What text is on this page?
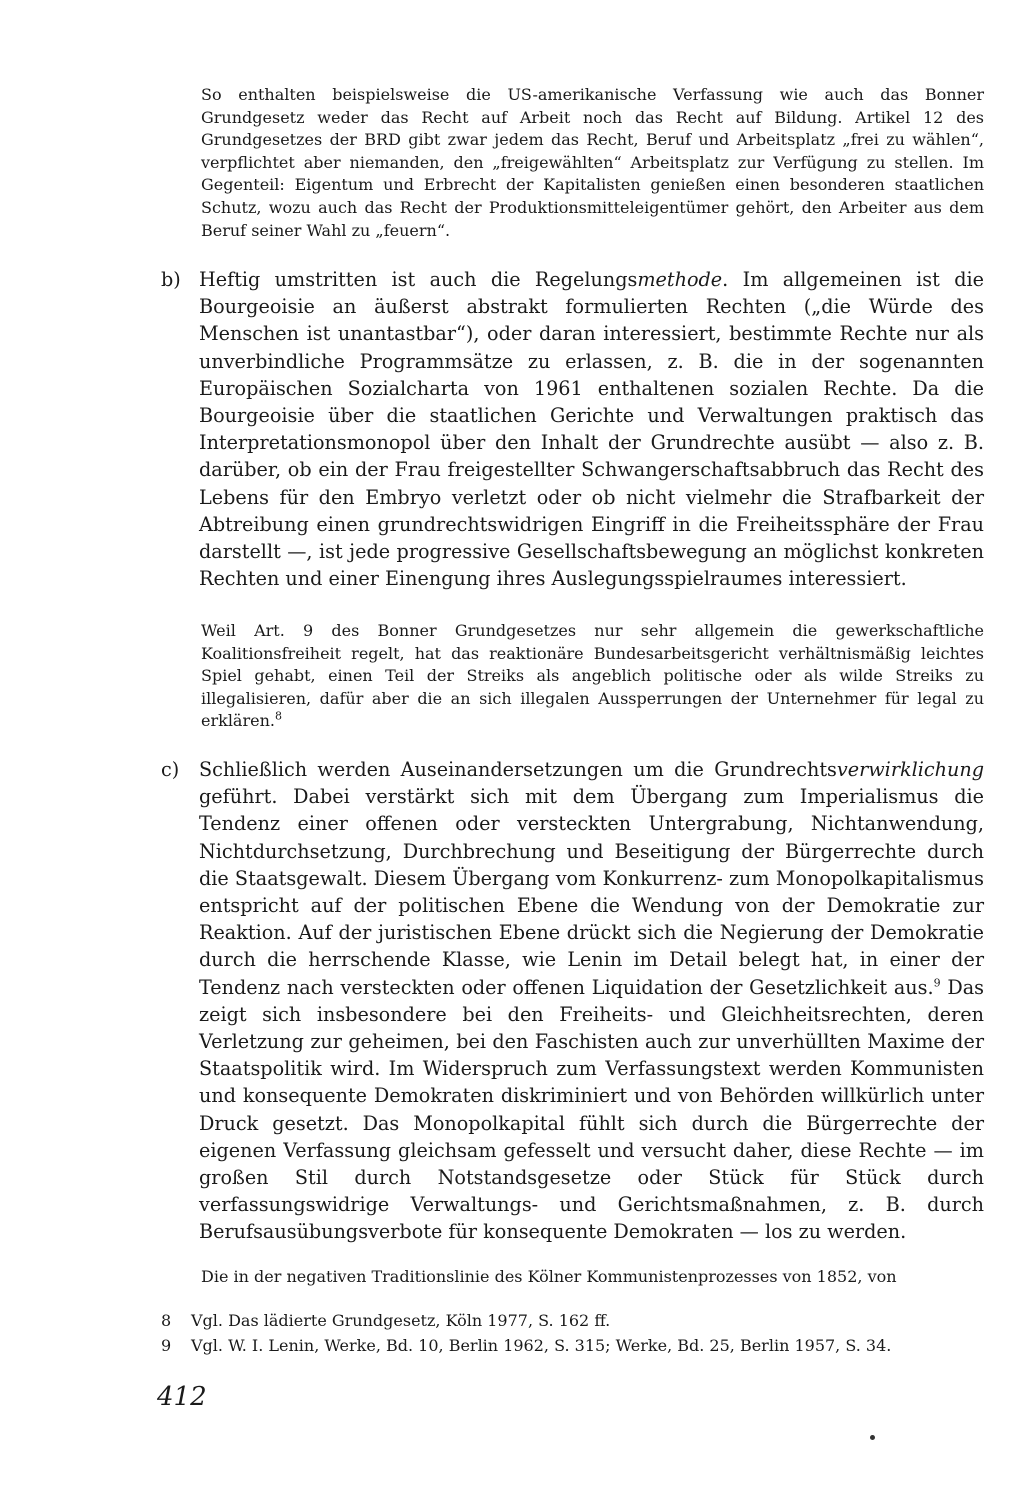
So enthalten beispielsweise die US-amerikanische Verfassung wie auch das Bonner Grundgesetz weder das Recht auf Arbeit noch das Recht auf Bildung. Artikel 12 des Grundgesetzes der BRD gibt zwar jedem das Recht, Beruf und Arbeitsplatz „frei zu wählen“, verpflichtet aber niemanden, den „freigewählten“ Arbeitsplatz zur Verfügung zu stellen. Im Gegenteil: Eigentum und Erbrecht der Kapitalisten genießen einen besonderen staatlichen Schutz, wozu auch das Recht der Produktionsmitteleigentümer gehört, den Arbeiter aus dem Beruf seiner Wahl zu „feuern“.
b) Heftig umstritten ist auch die Regelungsmethode. Im allgemeinen ist die Bourgeoisie an äußerst abstrakt formulierten Rechten („die Würde des Menschen ist unantastbar“), oder daran interessiert, bestimmte Rechte nur als unverbindliche Programmsätze zu erlassen, z. B. die in der sogenannten Europäischen Sozialcharta von 1961 enthaltenen sozialen Rechte. Da die Bourgeoisie über die staatlichen Gerichte und Verwaltungen praktisch das Interpretationsmonopol über den Inhalt der Grundrechte ausübt — also z. B. darüber, ob ein der Frau freigestellter Schwangerschaftsabbruch das Recht des Lebens für den Embryo verletzt oder ob nicht vielmehr die Strafbarkeit der Abtreibung einen grundrechtswidrigen Eingriff in die Freiheitssphäre der Frau darstellt —, ist jede progressive Gesellschaftsbewegung an möglichst konkreten Rechten und einer Einengung ihres Auslegungsspielraumes interessiert.
Weil Art. 9 des Bonner Grundgesetzes nur sehr allgemein die gewerkschaftliche Koalitionsfreiheit regelt, hat das reaktionäre Bundesarbeitsgericht verhältnismäßig leichtes Spiel gehabt, einen Teil der Streiks als angeblich politische oder als wilde Streiks zu illegalisieren, dafür aber die an sich illegalen Aussperrungen der Unternehmer für legal zu erklären.$^8$
c) Schließlich werden Auseinandersetzungen um die Grundrechtsverwirklichung geführt. Dabei verstärkt sich mit dem Übergang zum Imperialismus die Tendenz einer offenen oder versteckten Untergrabung, Nichtanwendung, Nichtdurchsetzung, Durchbrechung und Beseitigung der Bürgerrechte durch die Staatsgewalt. Diesem Übergang vom Konkurrenz- zum Monopolkapitalismus entspricht auf der politischen Ebene die Wendung von der Demokratie zur Reaktion. Auf der juristischen Ebene drückt sich die Negierung der Demokratie durch die herrschende Klasse, wie Lenin im Detail belegt hat, in einer der Tendenz nach versteckten oder offenen Liquidation der Gesetzlichkeit aus.$^9$ Das zeigt sich insbesondere bei den Freiheits- und Gleichheitsrechten, deren Verletzung zur geheimen, bei den Faschisten auch zur unverhüllten Maxime der Staatspolitik wird. Im Widerspruch zum Verfassungstext werden Kommunisten und konsequente Demokraten diskriminiert und von Behörden willkürlich unter Druck gesetzt. Das Monopolkapital fühlt sich durch die Bürgerrechte der eigenen Verfassung gleichsam gefesselt und versucht daher, diese Rechte — im großen Stil durch Notstandsgesetze oder Stück für Stück durch verfassungswidrige Verwaltungs- und Gerichtsmaßnahmen, z. B. durch Berufsausübungsverbote für konsequente Demokraten — los zu werden.
Die in der negativen Traditionslinie des Kölner Kommunistenprozesses von 1852, von
8 Vgl. Das lädierte Grundgesetz, Köln 1977, S. 162 ff.
9 Vgl. W. I. Lenin, Werke, Bd. 10, Berlin 1962, S. 315; Werke, Bd. 25, Berlin 1957, S. 34.
412
